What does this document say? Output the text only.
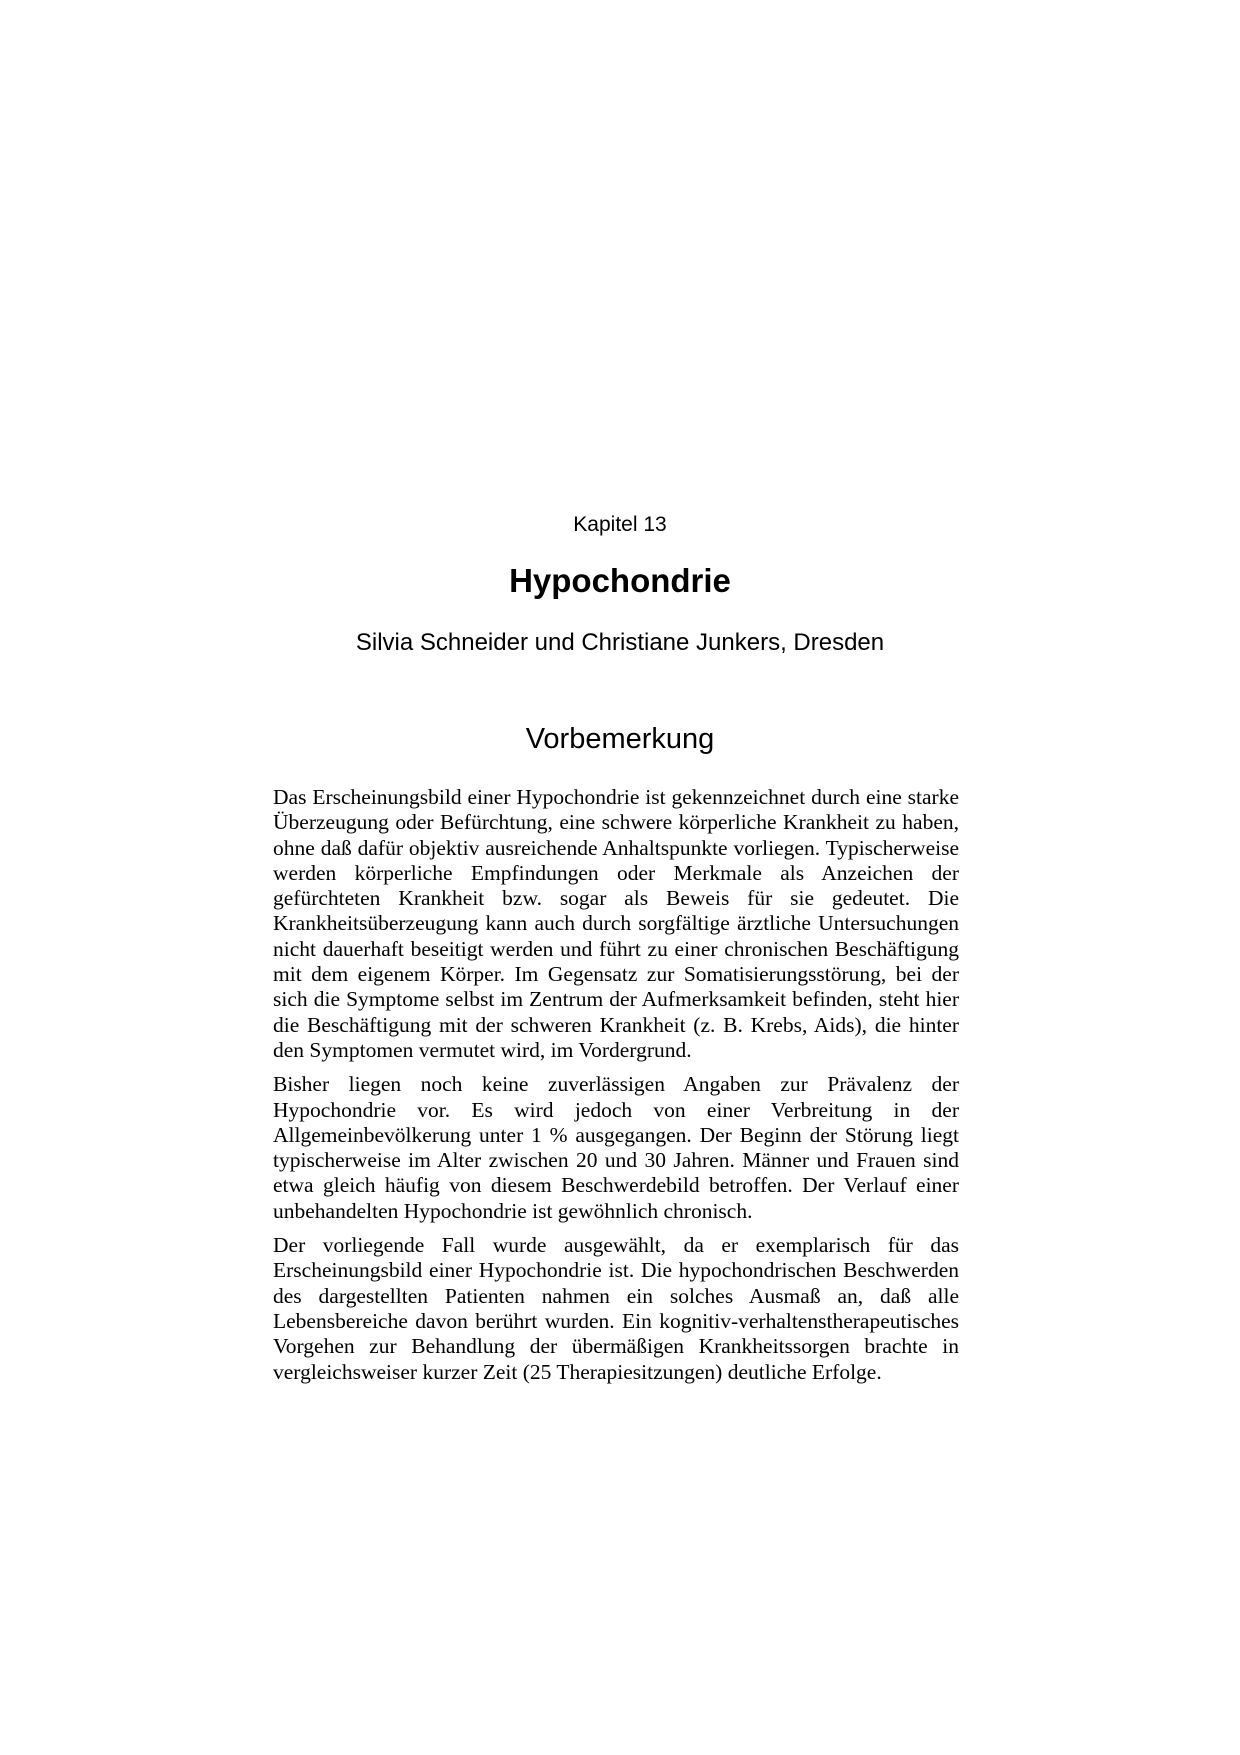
Kapitel 13
Hypochondrie
Silvia Schneider und Christiane Junkers, Dresden
Vorbemerkung

Das Erscheinungsbild einer Hypochondrie ist gekennzeichnet durch eine starke Überzeugung oder Befürchtung, eine schwere körperliche Krankheit zu haben, ohne daß dafür objektiv ausreichende Anhaltspunkte vorliegen. Typischerweise werden körperliche Empfindungen oder Merkmale als Anzeichen der gefürchteten Krankheit bzw. sogar als Beweis für sie gedeutet. Die Krankheitsüberzeugung kann auch durch sorgfältige ärztliche Untersuchungen nicht dauerhaft beseitigt werden und führt zu einer chronischen Beschäftigung mit dem eigenem Körper. Im Gegensatz zur Somatisierungsstörung, bei der sich die Symptome selbst im Zentrum der Aufmerksamkeit befinden, steht hier die Beschäftigung mit der schweren Krankheit (z. B. Krebs, Aids), die hinter den Symptomen vermutet wird, im Vordergrund.

Bisher liegen noch keine zuverlässigen Angaben zur Prävalenz der Hypochondrie vor. Es wird jedoch von einer Verbreitung in der Allgemeinbevölkerung unter 1 % ausgegangen. Der Beginn der Störung liegt typischerweise im Alter zwischen 20 und 30 Jahren. Männer und Frauen sind etwa gleich häufig von diesem Beschwerdebild betroffen. Der Verlauf einer unbehandelten Hypochondrie ist gewöhnlich chronisch.

Der vorliegende Fall wurde ausgewählt, da er exemplarisch für das Erscheinungsbild einer Hypochondrie ist. Die hypochondrischen Beschwerden des dargestellten Patienten nahmen ein solches Ausmaß an, daß alle Lebensbereiche davon berührt wurden. Ein kognitiv-verhaltenstherapeutisches Vorgehen zur Behandlung der übermäßigen Krankheitssorgen brachte in vergleichsweiser kurzer Zeit (25 Therapiesitzungen) deutliche Erfolge.
